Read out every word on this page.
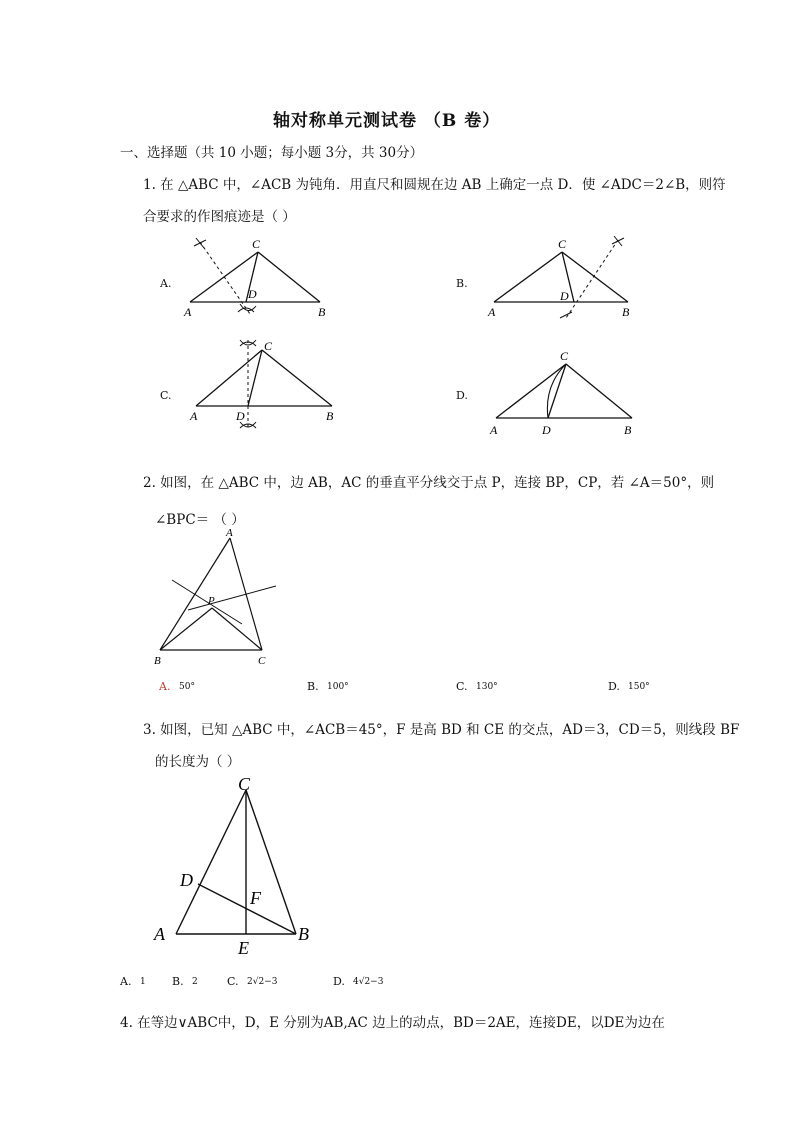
轴对称单元测试卷 （B 卷）
一、选择题（共 10 小题；每小题 3分，共 30分）
1. 在 △ABC 中，∠ACB 为钝角．用直尺和圆规在边 AB 上确定一点 D．使 ∠ADC＝2∠B，则符
合要求的作图痕迹是（ ）
A.
A	B
C
D
B.
A	B
C
D
C.
A	B
C
D
D.
A	B
C
D
2. 如图，在 △ABC 中，边 AB，AC 的垂直平分线交于点 P，连接 BP，CP，若 ∠A＝50°，则
∠BPC＝ （ ）
A
B	C
P
A. 50°	B. 100°	C. 130°	D. 150°
3. 如图，已知 △ABC 中，∠ACB＝45°，F 是高 BD 和 CE 的交点，AD＝3，CD＝5，则线段 BF
的长度为（ ）
C
D
F
A	B
E
A. 1 B. 2	C. 2√2−3	D. 4√2−3
4. 在等边∨ABC中，D，E 分别为AB,AC 边上的动点，BD＝2AE，连接DE，以DE为边在
